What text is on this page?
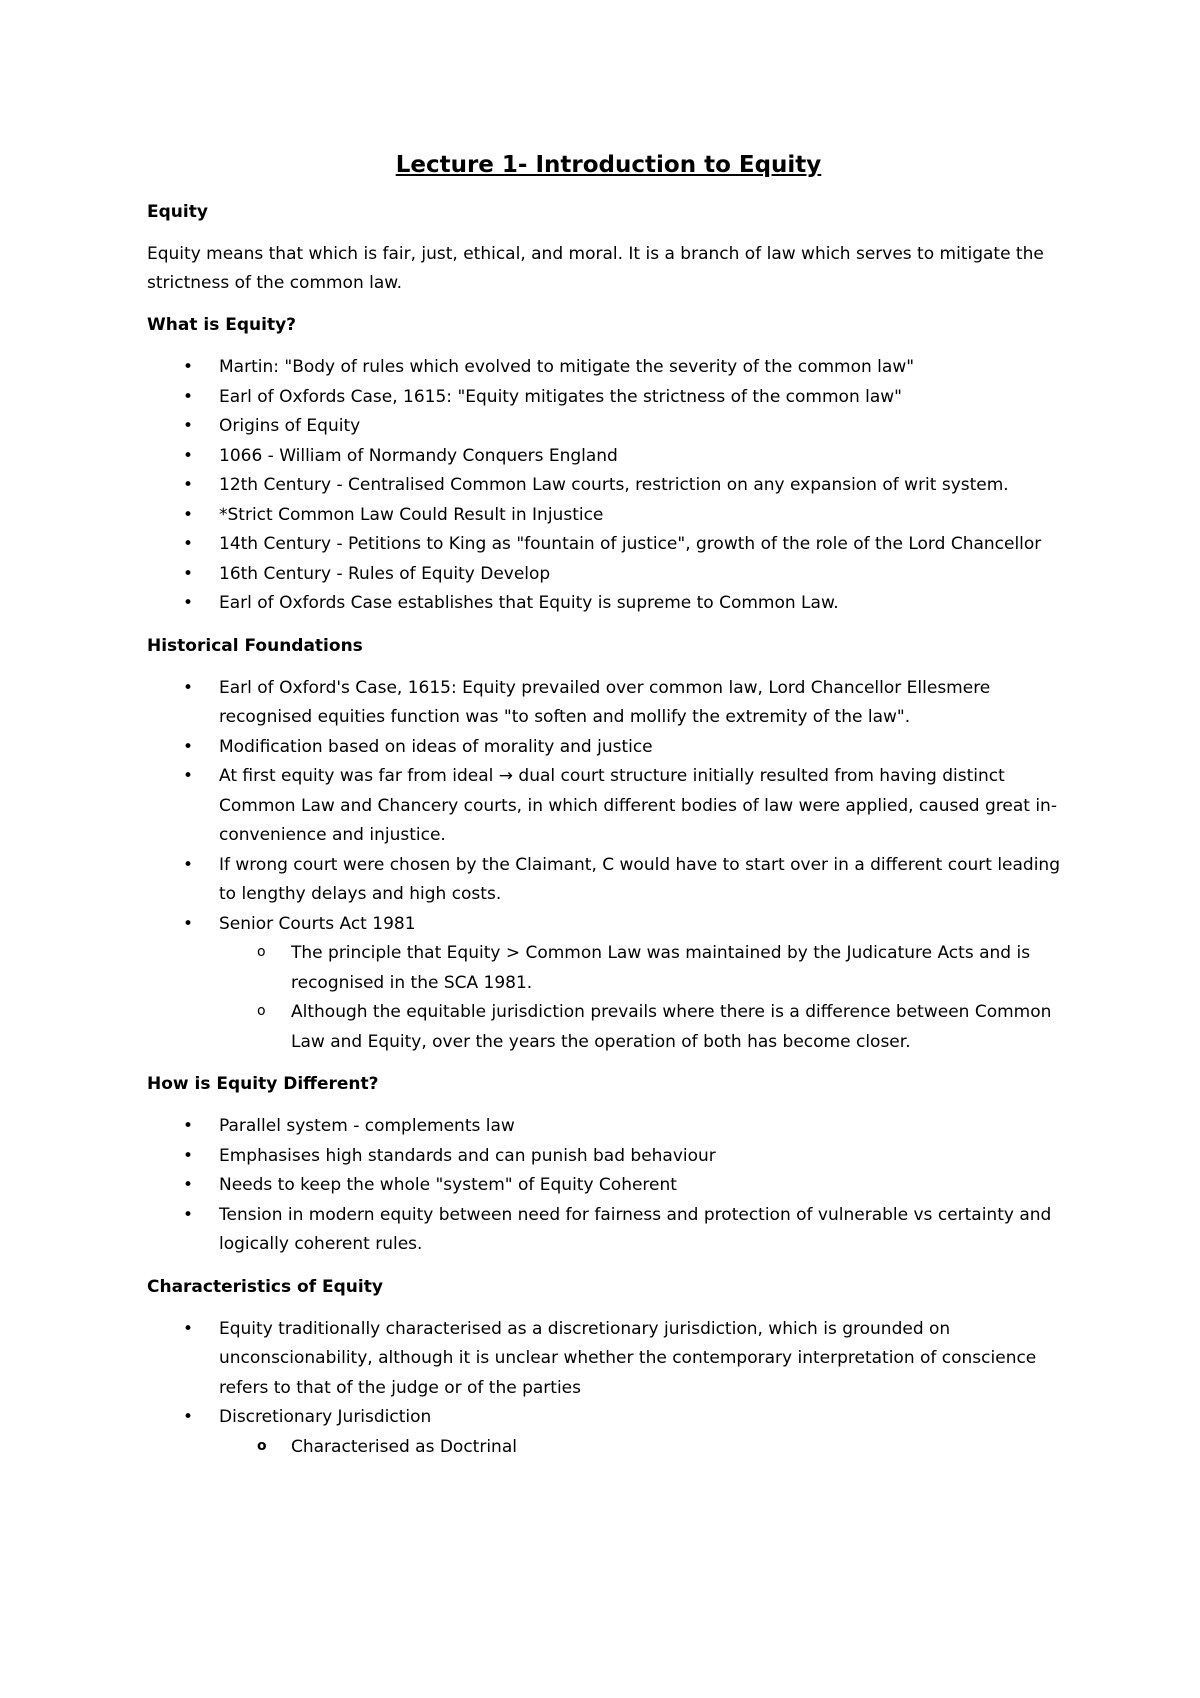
Lecture 1- Introduction to Equity
Equity

Equity means that which is fair, just, ethical, and moral. It is a branch of law which serves to mitigate the strictness of the common law.

What is Equity?
• Martin: "Body of rules which evolved to mitigate the severity of the common law"
• Earl of Oxfords Case, 1615: "Equity mitigates the strictness of the common law"
• Origins of Equity
• 1066 - William of Normandy Conquers England
• 12th Century - Centralised Common Law courts, restriction on any expansion of writ system.
• *Strict Common Law Could Result in Injustice
• 14th Century - Petitions to King as "fountain of justice", growth of the role of the Lord Chancellor
• 16th Century - Rules of Equity Develop
• Earl of Oxfords Case establishes that Equity is supreme to Common Law.
Historical Foundations
• Earl of Oxford's Case, 1615: Equity prevailed over common law, Lord Chancellor Ellesmere recognised equities function was "to soften and mollify the extremity of the law".
• Modification based on ideas of morality and justice
• At first equity was far from ideal → dual court structure initially resulted from having distinct Common Law and Chancery courts, in which different bodies of law were applied, caused great in-convenience and injustice.
• If wrong court were chosen by the Claimant, C would have to start over in a different court leading to lengthy delays and high costs.
• Senior Courts Act 1981
o The principle that Equity > Common Law was maintained by the Judicature Acts and is recognised in the SCA 1981.
o Although the equitable jurisdiction prevails where there is a difference between Common Law and Equity, over the years the operation of both has become closer.
How is Equity Different?
• Parallel system - complements law
• Emphasises high standards and can punish bad behaviour
• Needs to keep the whole "system" of Equity Coherent
• Tension in modern equity between need for fairness and protection of vulnerable vs certainty and logically coherent rules.
Characteristics of Equity
• Equity traditionally characterised as a discretionary jurisdiction, which is grounded on unconscionability, although it is unclear whether the contemporary interpretation of conscience refers to that of the judge or of the parties
• Discretionary Jurisdiction
o Characterised as Doctrinal
